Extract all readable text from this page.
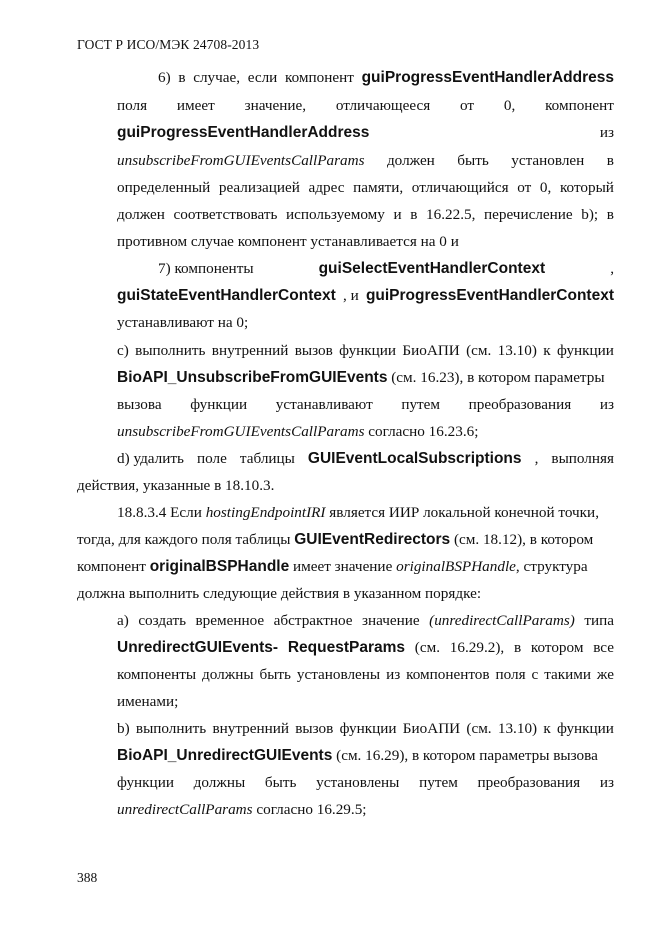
ГОСТ Р ИСО/МЭК 24708-2013
6) в случае, если компонент guiProgressEventHandlerAddress
поля имеет значение, отличающееся от 0, компонент
guiProgressEventHandlerAddress	из
unsubscribeFromGUIEventsCallParams должен быть установлен в
определенный реализацией адрес памяти, отличающийся от 0, который
должен соответствовать используемому и в 16.22.5, перечисление b); в
противном случае компонент устанавливается на 0 и
7) компоненты	guiSelectEventHandlerContext	,
guiStateEventHandlerContext , и guiProgressEventHandlerContext
устанавливают на 0;
с) выполнить внутренний вызов функции БиоАПИ (см. 13.10) к функции
BioAPI_UnsubscribeFromGUIEvents (см. 16.23), в котором параметры
вызова функции устанавливают путем преобразования из
unsubscribeFromGUIEventsCallParams согласно 16.23.6;
d) удалить поле таблицы GUIEventLocalSubscriptions , выполняя
действия, указанные в 18.10.3.
18.8.3.4 Если hostingEndpointIRI является ИИР локальной конечной точки,
тогда, для каждого поля таблицы GUIEventRedirectors (см. 18.12), в котором
компонент originalBSPHandle имеет значение originalBSPHandle, структура
должна выполнить следующие действия в указанном порядке:
a) создать временное абстрактное значение (unredirectCallParams) типа
UnredirectGUIEvents- RequestParams (см. 16.29.2), в котором все
компоненты должны быть установлены из компонентов поля с такими же
именами;
b) выполнить внутренний вызов функции БиоАПИ (см. 13.10) к функции
BioAPI_UnredirectGUIEvents (см. 16.29), в котором параметры вызова
функции должны быть установлены путем преобразования из
unredirectCallParams согласно 16.29.5;
388
